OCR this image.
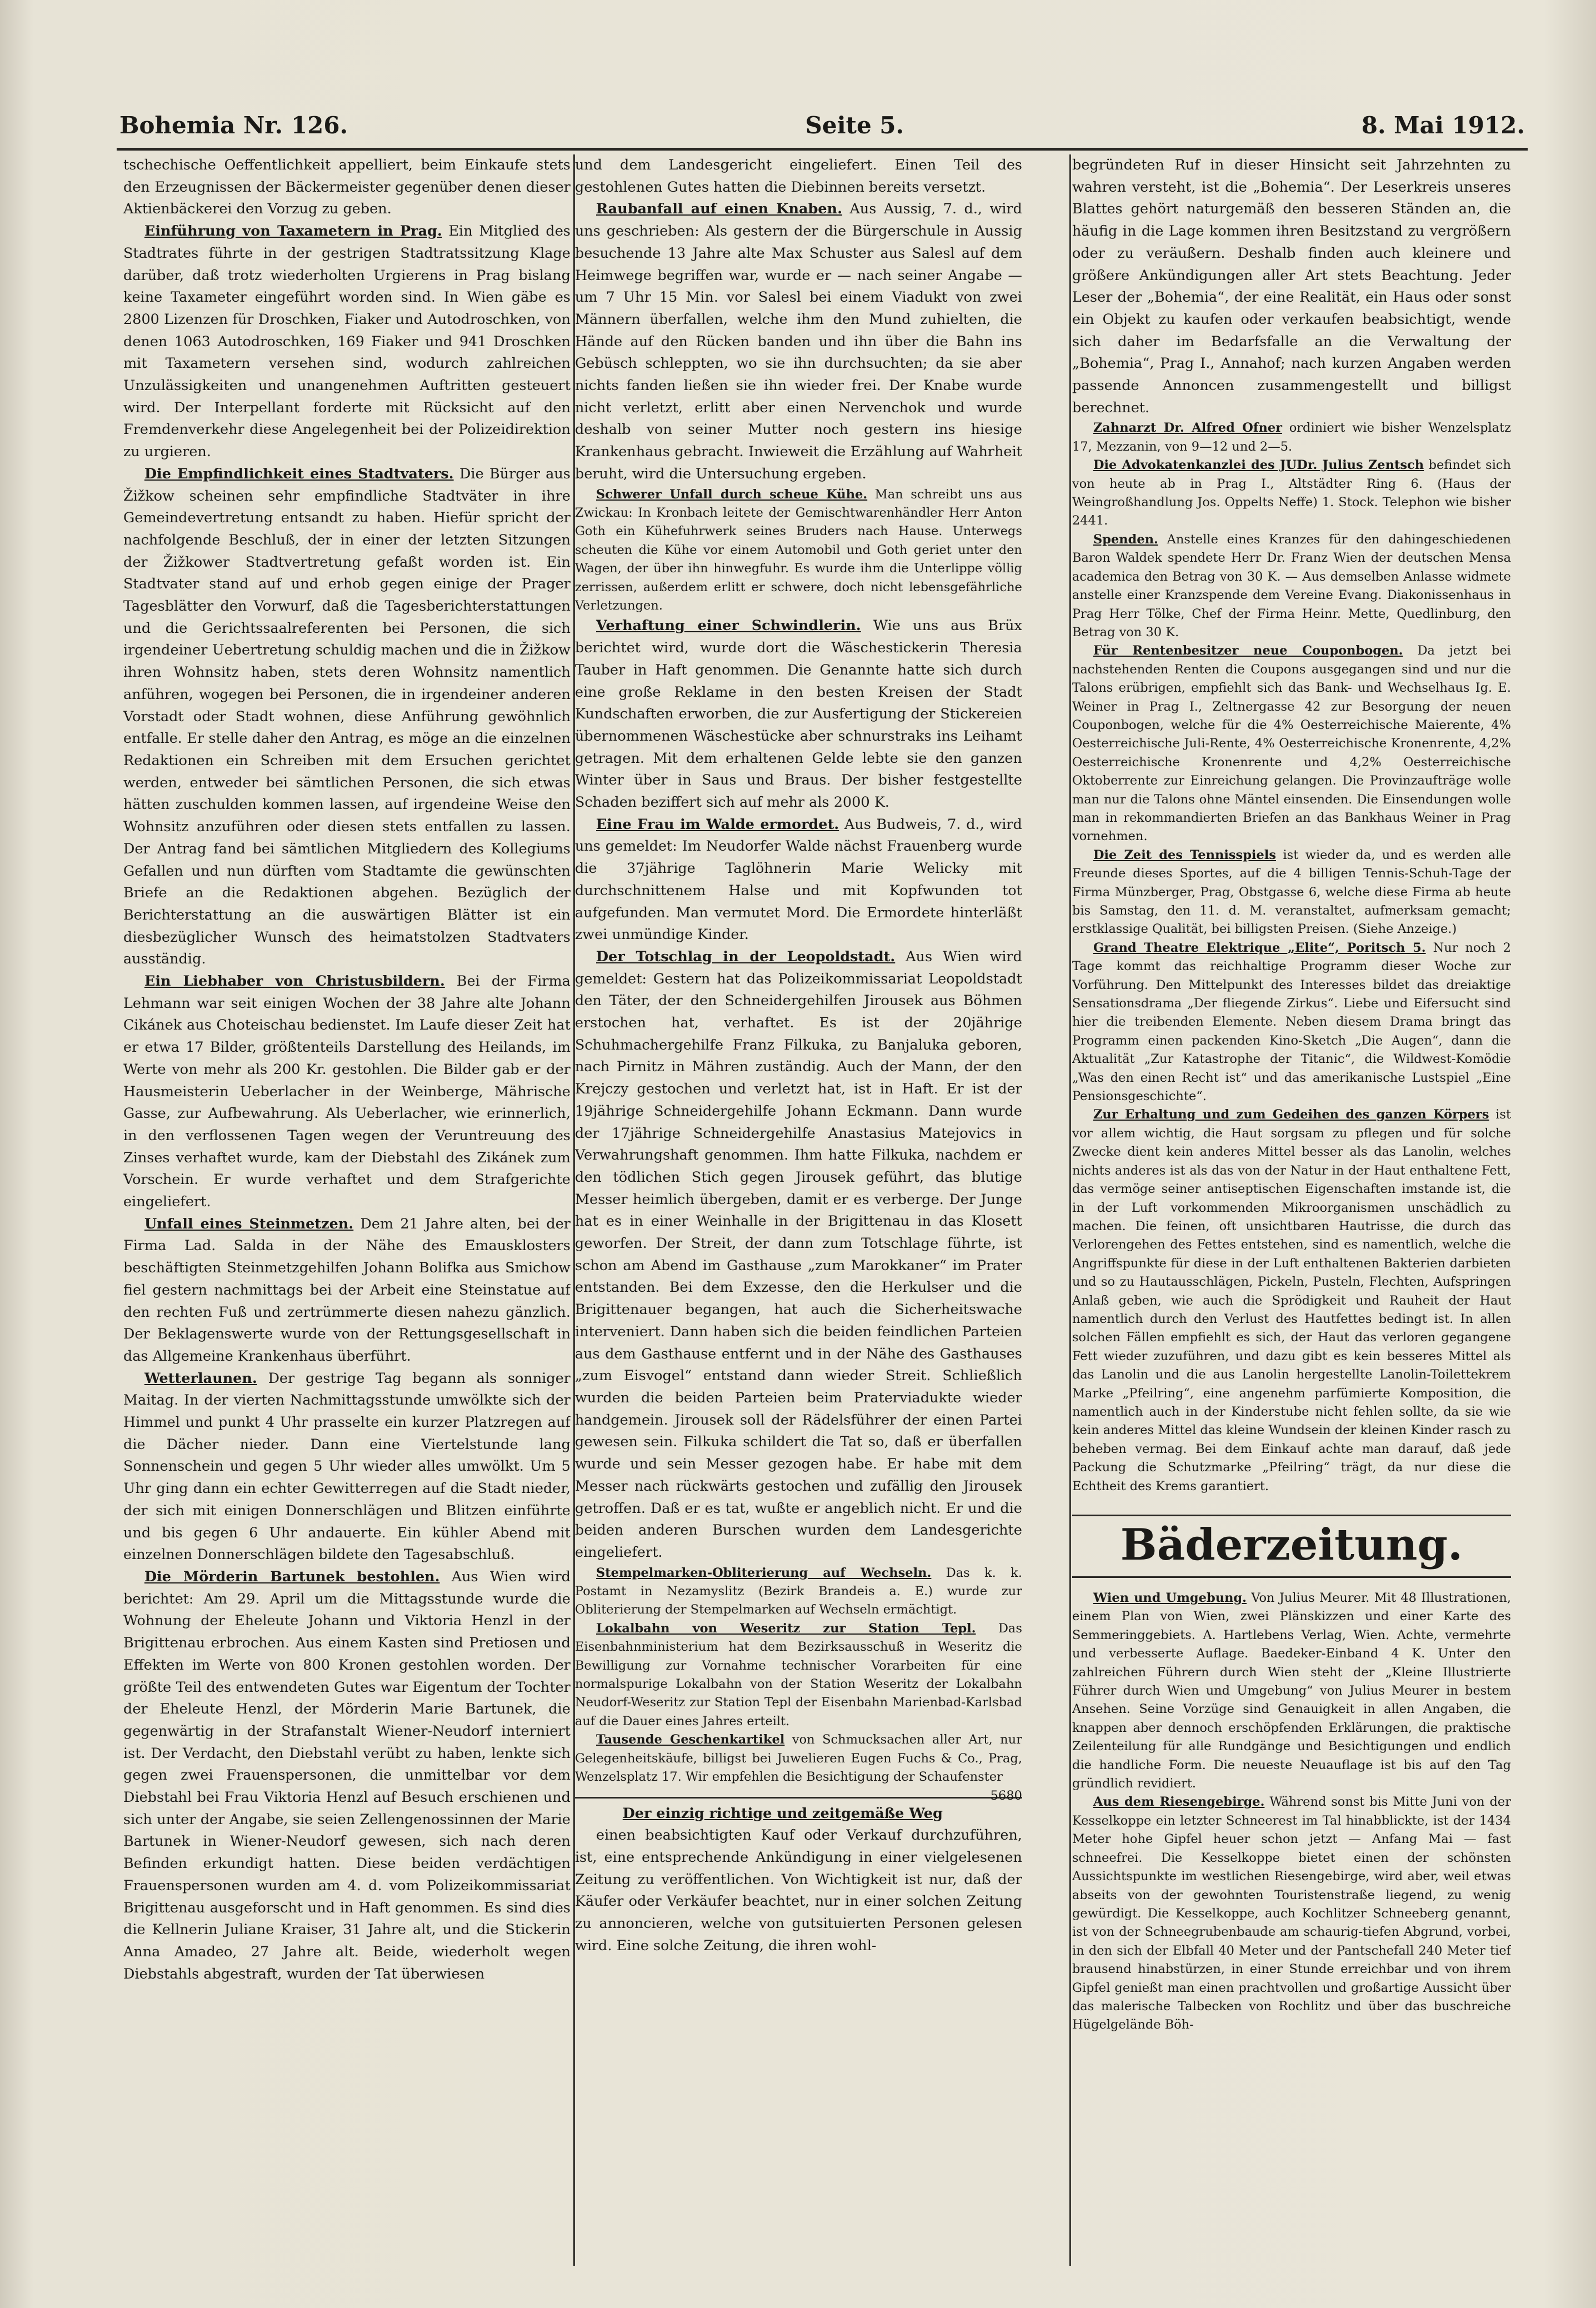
Bohemia Nr. 126.	Seite 5.	8. Mai 1912.

tschechische Oeffentlichkeit appelliert, beim Einkaufe stets den Erzeugnissen der Bäckermeister gegenüber denen dieser Aktienbäckerei den Vorzug zu geben.

Einführung von Taxametern in Prag. Ein Mitglied des Stadtrates führte in der gestrigen Stadtratssitzung Klage darüber, daß trotz wiederholten Urgierens in Prag bislang keine Taxameter eingeführt worden sind. In Wien gäbe es 2800 Lizenzen für Droschken, Fiaker und Autodroschken, von denen 1063 Autodroschken, 169 Fiaker und 941 Droschken mit Taxametern versehen sind, wodurch zahlreichen Unzulässigkeiten und unangenehmen Auftritten gesteuert wird. Der Interpellant forderte mit Rücksicht auf den Fremdenverkehr diese Angelegenheit bei der Polizeidirektion zu urgieren.

Die Empfindlichkeit eines Stadtvaters. Die Bürger aus Žižkow scheinen sehr empfindliche Stadtväter in ihre Gemeindevertretung entsandt zu haben. Hiefür spricht der nachfolgende Beschluß, der in einer der letzten Sitzungen der Žižkower Stadtvertretung gefaßt worden ist. Ein Stadtvater stand auf und erhob gegen einige der Prager Tagesblätter den Vorwurf, daß die Tagesberichterstattungen und die Gerichtssaalreferenten bei Personen, die sich irgendeiner Uebertretung schuldig machen und die in Žižkow ihren Wohnsitz haben, stets deren Wohnsitz namentlich anführen, wogegen bei Personen, die in irgendeiner anderen Vorstadt oder Stadt wohnen, diese Anführung gewöhnlich entfalle. Er stelle daher den Antrag, es möge an die einzelnen Redaktionen ein Schreiben mit dem Ersuchen gerichtet werden, entweder bei sämtlichen Personen, die sich etwas hätten zuschulden kommen lassen, auf irgendeine Weise den Wohnsitz anzuführen oder diesen stets entfallen zu lassen. Der Antrag fand bei sämtlichen Mitgliedern des Kollegiums Gefallen und nun dürften vom Stadtamte die gewünschten Briefe an die Redaktionen abgehen. Bezüglich der Berichterstattung an die auswärtigen Blätter ist ein diesbezüglicher Wunsch des heimatstolzen Stadtvaters ausständig.

Ein Liebhaber von Christusbildern. Bei der Firma Lehmann war seit einigen Wochen der 38 Jahre alte Johann Cikánek aus Choteischau bedienstet. Im Laufe dieser Zeit hat er etwa 17 Bilder, größtenteils Darstellung des Heilands, im Werte von mehr als 200 Kr. gestohlen. Die Bilder gab er der Hausmeisterin Ueberlacher in der Weinberge, Mährische Gasse, zur Aufbewahrung. Als Ueberlacher, wie erinnerlich, in den verflossenen Tagen wegen der Veruntreuung des Zinses verhaftet wurde, kam der Diebstahl des Zikánek zum Vorschein. Er wurde verhaftet und dem Strafgerichte eingeliefert.

Unfall eines Steinmetzen. Dem 21 Jahre alten, bei der Firma Lad. Salda in der Nähe des Emausklosters beschäftigten Steinmetzgehilfen Johann Bolifka aus Smichow fiel gestern nachmittags bei der Arbeit eine Steinstatue auf den rechten Fuß und zertrümmerte diesen nahezu gänzlich. Der Beklagenswerte wurde von der Rettungsgesellschaft in das Allgemeine Krankenhaus überführt.

Wetterlaunen. Der gestrige Tag begann als sonniger Maitag. In der vierten Nachmittagsstunde umwölkte sich der Himmel und punkt 4 Uhr prasselte ein kurzer Platzregen auf die Dächer nieder. Dann eine Viertelstunde lang Sonnenschein und gegen 5 Uhr wieder alles umwölkt. Um 5 Uhr ging dann ein echter Gewitterregen auf die Stadt nieder, der sich mit einigen Donnerschlägen und Blitzen einführte und bis gegen 6 Uhr andauerte. Ein kühler Abend mit einzelnen Donnerschlägen bildete den Tagesabschluß.

Die Mörderin Bartunek bestohlen. Aus Wien wird berichtet: Am 29. April um die Mittagsstunde wurde die Wohnung der Eheleute Johann und Viktoria Henzl in der Brigittenau erbrochen. Aus einem Kasten sind Pretiosen und Effekten im Werte von 800 Kronen gestohlen worden. Der größte Teil des entwendeten Gutes war Eigentum der Tochter der Eheleute Henzl, der Mörderin Marie Bartunek, die gegenwärtig in der Strafanstalt Wiener-Neudorf interniert ist. Der Verdacht, den Diebstahl verübt zu haben, lenkte sich gegen zwei Frauenspersonen, die unmittelbar vor dem Diebstahl bei Frau Viktoria Henzl auf Besuch erschienen und sich unter der Angabe, sie seien Zellengenossinnen der Marie Bartunek in Wiener-Neudorf gewesen, sich nach deren Befinden erkundigt hatten. Diese beiden verdächtigen Frauenspersonen wurden am 4. d. vom Polizeikommissariat Brigittenau ausgeforscht und in Haft genommen. Es sind dies die Kellnerin Juliane Kraiser, 31 Jahre alt, und die Stickerin Anna Amadeo, 27 Jahre alt. Beide, wiederholt wegen Diebstahls abgestraft, wurden der Tat überwiesen

und dem Landesgericht eingeliefert. Einen Teil des gestohlenen Gutes hatten die Diebinnen bereits versetzt.

Raubanfall auf einen Knaben. Aus Aussig, 7. d., wird uns geschrieben: Als gestern der die Bürgerschule in Aussig besuchende 13 Jahre alte Max Schuster aus Salesl auf dem Heimwege begriffen war, wurde er — nach seiner Angabe — um 7 Uhr 15 Min. vor Salesl bei einem Viadukt von zwei Männern überfallen, welche ihm den Mund zuhielten, die Hände auf den Rücken banden und ihn über die Bahn ins Gebüsch schleppten, wo sie ihn durchsuchten; da sie aber nichts fanden ließen sie ihn wieder frei. Der Knabe wurde nicht verletzt, erlitt aber einen Nervenchok und wurde deshalb von seiner Mutter noch gestern ins hiesige Krankenhaus gebracht. Inwieweit die Erzählung auf Wahrheit beruht, wird die Untersuchung ergeben.

Schwerer Unfall durch scheue Kühe. Man schreibt uns aus Zwickau: In Kronbach leitete der Gemischtwarenhändler Herr Anton Goth ein Kühefuhrwerk seines Bruders nach Hause. Unterwegs scheuten die Kühe vor einem Automobil und Goth geriet unter den Wagen, der über ihn hinwegfuhr. Es wurde ihm die Unterlippe völlig zerrissen, außerdem erlitt er schwere, doch nicht lebensgefährliche Verletzungen.

Verhaftung einer Schwindlerin. Wie uns aus Brüx berichtet wird, wurde dort die Wäschestickerin Theresia Tauber in Haft genommen. Die Genannte hatte sich durch eine große Reklame in den besten Kreisen der Stadt Kundschaften erworben, die zur Ausfertigung der Stickereien übernommenen Wäschestücke aber schnurstraks ins Leihamt getragen. Mit dem erhaltenen Gelde lebte sie den ganzen Winter über in Saus und Braus. Der bisher festgestellte Schaden beziffert sich auf mehr als 2000 K.

Eine Frau im Walde ermordet. Aus Budweis, 7. d., wird uns gemeldet: Im Neudorfer Walde nächst Frauenberg wurde die 37jährige Taglöhnerin Marie Welicky mit durchschnittenem Halse und mit Kopfwunden tot aufgefunden. Man vermutet Mord. Die Ermordete hinterläßt zwei unmündige Kinder.

Der Totschlag in der Leopoldstadt. Aus Wien wird gemeldet: Gestern hat das Polizeikommissariat Leopoldstadt den Täter, der den Schneidergehilfen Jirousek aus Böhmen erstochen hat, verhaftet. Es ist der 20jährige Schuhmachergehilfe Franz Filkuka, zu Banjaluka geboren, nach Pirnitz in Mähren zuständig. Auch der Mann, der den Krejczy gestochen und verletzt hat, ist in Haft. Er ist der 19jährige Schneidergehilfe Johann Eckmann. Dann wurde der 17jährige Schneidergehilfe Anastasius Matejovics in Verwahrungshaft genommen. Ihm hatte Filkuka, nachdem er den tödlichen Stich gegen Jirousek geführt, das blutige Messer heimlich übergeben, damit er es verberge. Der Junge hat es in einer Weinhalle in der Brigittenau in das Klosett geworfen. Der Streit, der dann zum Totschlage führte, ist schon am Abend im Gasthause „zum Marokkaner“ im Prater entstanden. Bei dem Exzesse, den die Herkulser und die Brigittenauer begangen, hat auch die Sicherheitswache interveniert. Dann haben sich die beiden feindlichen Parteien aus dem Gasthause entfernt und in der Nähe des Gasthauses „zum Eisvogel“ entstand dann wieder Streit. Schließlich wurden die beiden Parteien beim Praterviadukte wieder handgemein. Jirousek soll der Rädelsführer der einen Partei gewesen sein. Filkuka schildert die Tat so, daß er überfallen wurde und sein Messer gezogen habe. Er habe mit dem Messer nach rückwärts gestochen und zufällig den Jirousek getroffen. Daß er es tat, wußte er angeblich nicht. Er und die beiden anderen Burschen wurden dem Landesgerichte eingeliefert.

Stempelmarken-Obliterierung auf Wechseln. Das k. k. Postamt in Nezamyslitz (Bezirk Brandeis a. E.) wurde zur Obliterierung der Stempelmarken auf Wechseln ermächtigt.

Lokalbahn von Weseritz zur Station Tepl. Das Eisenbahnministerium hat dem Bezirksausschuß in Weseritz die Bewilligung zur Vornahme technischer Vorarbeiten für eine normalspurige Lokalbahn von der Station Weseritz der Lokalbahn Neudorf-Weseritz zur Station Tepl der Eisenbahn Marienbad-Karlsbad auf die Dauer eines Jahres erteilt.

Tausende Geschenkartikel von Schmucksachen aller Art, nur Gelegenheitskäufe, billigst bei Juwelieren Eugen Fuchs & Co., Prag, Wenzelsplatz 17. Wir empfehlen die Besichtigung der Schaufenster
5680

Der einzig richtige und zeitgemäße Weg

einen beabsichtigten Kauf oder Verkauf durchzuführen, ist, eine entsprechende Ankündigung in einer vielgelesenen Zeitung zu veröffentlichen. Von Wichtigkeit ist nur, daß der Käufer oder Verkäufer beachtet, nur in einer solchen Zeitung zu annoncieren, welche von gutsituierten Personen gelesen wird. Eine solche Zeitung, die ihren wohl-

begründeten Ruf in dieser Hinsicht seit Jahrzehnten zu wahren versteht, ist die „Bohemia“. Der Leserkreis unseres Blattes gehört naturgemäß den besseren Ständen an, die häufig in die Lage kommen ihren Besitzstand zu vergrößern oder zu veräußern. Deshalb finden auch kleinere und größere Ankündigungen aller Art stets Beachtung. Jeder Leser der „Bohemia“, der eine Realität, ein Haus oder sonst ein Objekt zu kaufen oder verkaufen beabsichtigt, wende sich daher im Bedarfsfalle an die Verwaltung der „Bohemia“, Prag I., Annahof; nach kurzen Angaben werden passende Annoncen zusammengestellt und billigst berechnet.

Zahnarzt Dr. Alfred Ofner ordiniert wie bisher Wenzelsplatz 17, Mezzanin, von 9—12 und 2—5.

Die Advokatenkanzlei des JUDr. Julius Zentsch befindet sich von heute ab in Prag I., Altstädter Ring 6. (Haus der Weingroßhandlung Jos. Oppelts Neffe) 1. Stock. Telephon wie bisher 2441.

Spenden. Anstelle eines Kranzes für den dahingeschiedenen Baron Waldek spendete Herr Dr. Franz Wien der deutschen Mensa academica den Betrag von 30 K. — Aus demselben Anlasse widmete anstelle einer Kranzspende dem Vereine Evang. Diakonissenhaus in Prag Herr Tölke, Chef der Firma Heinr. Mette, Quedlinburg, den Betrag von 30 K.

Für Rentenbesitzer neue Couponbogen. Da jetzt bei nachstehenden Renten die Coupons ausgegangen sind und nur die Talons erübrigen, empfiehlt sich das Bank- und Wechselhaus Ig. E. Weiner in Prag I., Zeltnergasse 42 zur Besorgung der neuen Couponbogen, welche für die 4% Oesterreichische Maierente, 4% Oesterreichische Juli-Rente, 4% Oesterreichische Kronenrente, 4,2% Oesterreichische Kronenrente und 4,2% Oesterreichische Oktoberrente zur Einreichung gelangen. Die Provinzaufträge wolle man nur die Talons ohne Mäntel einsenden. Die Einsendungen wolle man in rekommandierten Briefen an das Bankhaus Weiner in Prag vornehmen.

Die Zeit des Tennisspiels ist wieder da, und es werden alle Freunde dieses Sportes, auf die 4 billigen Tennis-Schuh-Tage der Firma Münzberger, Prag, Obstgasse 6, welche diese Firma ab heute bis Samstag, den 11. d. M. veranstaltet, aufmerksam gemacht; erstklassige Qualität, bei billigsten Preisen. (Siehe Anzeige.)

Grand Theatre Elektrique „Elite“, Poritsch 5. Nur noch 2 Tage kommt das reichhaltige Programm dieser Woche zur Vorführung. Den Mittelpunkt des Interesses bildet das dreiaktige Sensationsdrama „Der fliegende Zirkus“. Liebe und Eifersucht sind hier die treibenden Elemente. Neben diesem Drama bringt das Programm einen packenden Kino-Sketch „Die Augen“, dann die Aktualität „Zur Katastrophe der Titanic“, die Wildwest-Komödie „Was den einen Recht ist“ und das amerikanische Lustspiel „Eine Pensionsgeschichte“.

Zur Erhaltung und zum Gedeihen des ganzen Körpers ist vor allem wichtig, die Haut sorgsam zu pflegen und für solche Zwecke dient kein anderes Mittel besser als das Lanolin, welches nichts anderes ist als das von der Natur in der Haut enthaltene Fett, das vermöge seiner antiseptischen Eigenschaften imstande ist, die in der Luft vorkommenden Mikroorganismen unschädlich zu machen. Die feinen, oft unsichtbaren Hautrisse, die durch das Verlorengehen des Fettes entstehen, sind es namentlich, welche die Angriffspunkte für diese in der Luft enthaltenen Bakterien darbieten und so zu Hautausschlägen, Pickeln, Pusteln, Flechten, Aufspringen Anlaß geben, wie auch die Sprödigkeit und Rauheit der Haut namentlich durch den Verlust des Hautfettes bedingt ist. In allen solchen Fällen empfiehlt es sich, der Haut das verloren gegangene Fett wieder zuzuführen, und dazu gibt es kein besseres Mittel als das Lanolin und die aus Lanolin hergestellte Lanolin-Toilettekrem Marke „Pfeilring“, eine angenehm parfümierte Komposition, die namentlich auch in der Kinderstube nicht fehlen sollte, da sie wie kein anderes Mittel das kleine Wundsein der kleinen Kinder rasch zu beheben vermag. Bei dem Einkauf achte man darauf, daß jede Packung die Schutzmarke „Pfeilring“ trägt, da nur diese die Echtheit des Krems garantiert.

Bäderzeitung.

Wien und Umgebung. Von Julius Meurer. Mit 48 Illustrationen, einem Plan von Wien, zwei Plänskizzen und einer Karte des Semmeringgebiets. A. Hartlebens Verlag, Wien. Achte, vermehrte und verbesserte Auflage. Baedeker-Einband 4 K. Unter den zahlreichen Führern durch Wien steht der „Kleine Illustrierte Führer durch Wien und Umgebung“ von Julius Meurer in bestem Ansehen. Seine Vorzüge sind Genauigkeit in allen Angaben, die knappen aber dennoch erschöpfenden Erklärungen, die praktische Zeilenteilung für alle Rundgänge und Besichtigungen und endlich die handliche Form. Die neueste Neuauflage ist bis auf den Tag gründlich revidiert.

Aus dem Riesengebirge. Während sonst bis Mitte Juni von der Kesselkoppe ein letzter Schneerest im Tal hinabblickte, ist der 1434 Meter hohe Gipfel heuer schon jetzt — Anfang Mai — fast schneefrei. Die Kesselkoppe bietet einen der schönsten Aussichtspunkte im westlichen Riesengebirge, wird aber, weil etwas abseits von der gewohnten Touristenstraße liegend, zu wenig gewürdigt. Die Kesselkoppe, auch Kochlitzer Schneeberg genannt, ist von der Schneegrubenbaude am schaurig-tiefen Abgrund, vorbei, in den sich der Elbfall 40 Meter und der Pantschefall 240 Meter tief brausend hinabstürzen, in einer Stunde erreichbar und von ihrem Gipfel genießt man einen prachtvollen und großartige Aussicht über das malerische Talbecken von Rochlitz und über das buschreiche Hügelgelände Böh-
